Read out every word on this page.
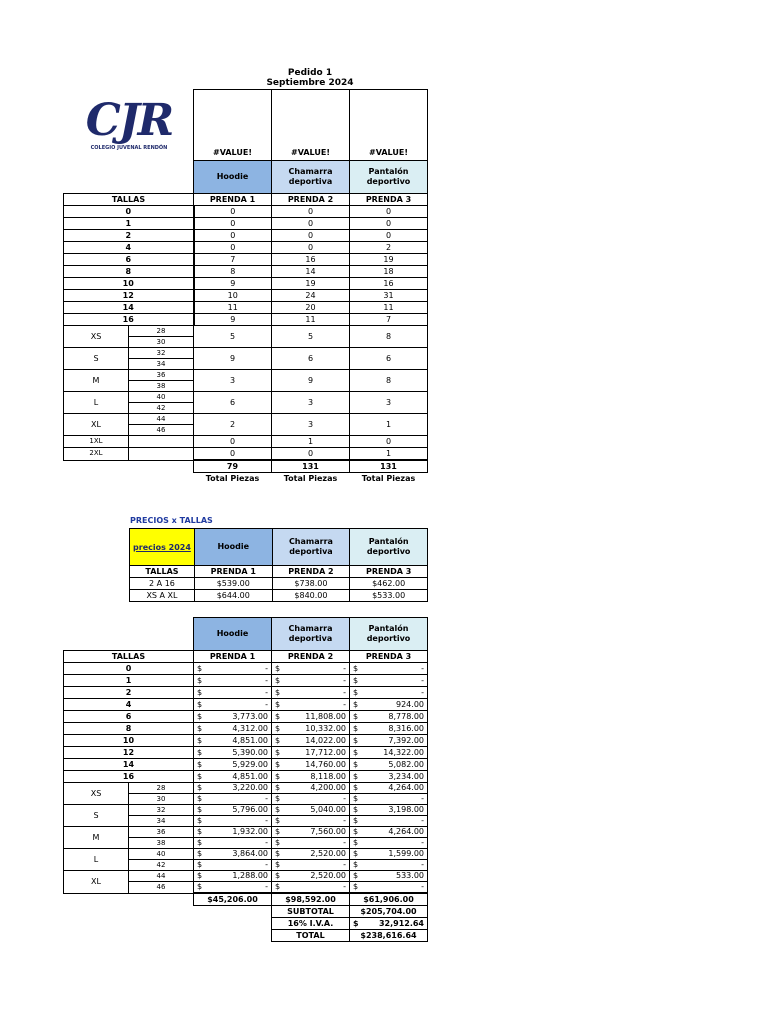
Pedido 1
Septiembre 2024
CJR
COLEGIO JUVENAL RENDÓN
		#VALUE!	#VALUE!	#VALUE!
		Hoodie	Chamarra deportiva	Pantalón deportivo
TALLAS		PRENDA 1	PRENDA 2	PRENDA 3
0		0	0	0
1		0	0	0
2		0	0	0
4		0	0	2
6		7	16	19
8		8	14	18
10		9	19	16
12		10	24	31
14		11	20	11
16		9	11	7
XS	28	5	5	8
	30			
S	32	9	6	6
	34			
M	36	3	9	8
	38			
L	40	6	3	3
	42			
XL	44	2	3	1
	46			
1XL		0	1	0
2XL		0	0	1
		79	131	131
		Total Piezas	Total Piezas	Total Piezas
PRECIOS x TALLAS
precios 2024	Hoodie	Chamarra deportiva	Pantalón deportivo
TALLAS	PRENDA 1	PRENDA 2	PRENDA 3
2 A 16	$539.00	$738.00	$462.00
XS A XL	$644.00	$840.00	$533.00
		Hoodie	Chamarra deportiva	Pantalón deportivo
TALLAS		PRENDA 1	PRENDA 2	PRENDA 3
0		$ -	$ -	$ -

1		$ -	$ -	$ -

2		$ -	$ -	$ -

4		$ -	$ -	$ 924.00

6		$ 3,773.00	$ 11,808.00	$ 8,778.00

8		$ 4,312.00	$ 10,332.00	$ 8,316.00

10		$ 4,851.00	$ 14,022.00	$ 7,392.00

12		$ 5,390.00	$ 17,712.00	$ 14,322.00

14		$ 5,929.00	$ 14,760.00	$ 5,082.00

16		$ 4,851.00	$ 8,118.00	$ 3,234.00

XS	28	$ 3,220.00	$ 4,200.00	$ 4,264.00

	30	$ -	$ -	$ -

S	32	$ 5,796.00	$ 5,040.00	$ 3,198.00

	34	$ -	$ -	$ -

M	36	$ 1,932.00	$ 7,560.00	$ 4,264.00

	38	$ -	$ -	$ -

L	40	$ 3,864.00	$ 2,520.00	$ 1,599.00

	42	$ -	$ -	$ -

XL	44	$ 1,288.00	$ 2,520.00	$ 533.00

	46	$ -	$ -	$ -

		$45,206.00	$98,592.00	$61,906.00
			SUBTOTAL	$205,704.00
			16% I.V.A.	$ 32,912.64

			TOTAL	$238,616.64
